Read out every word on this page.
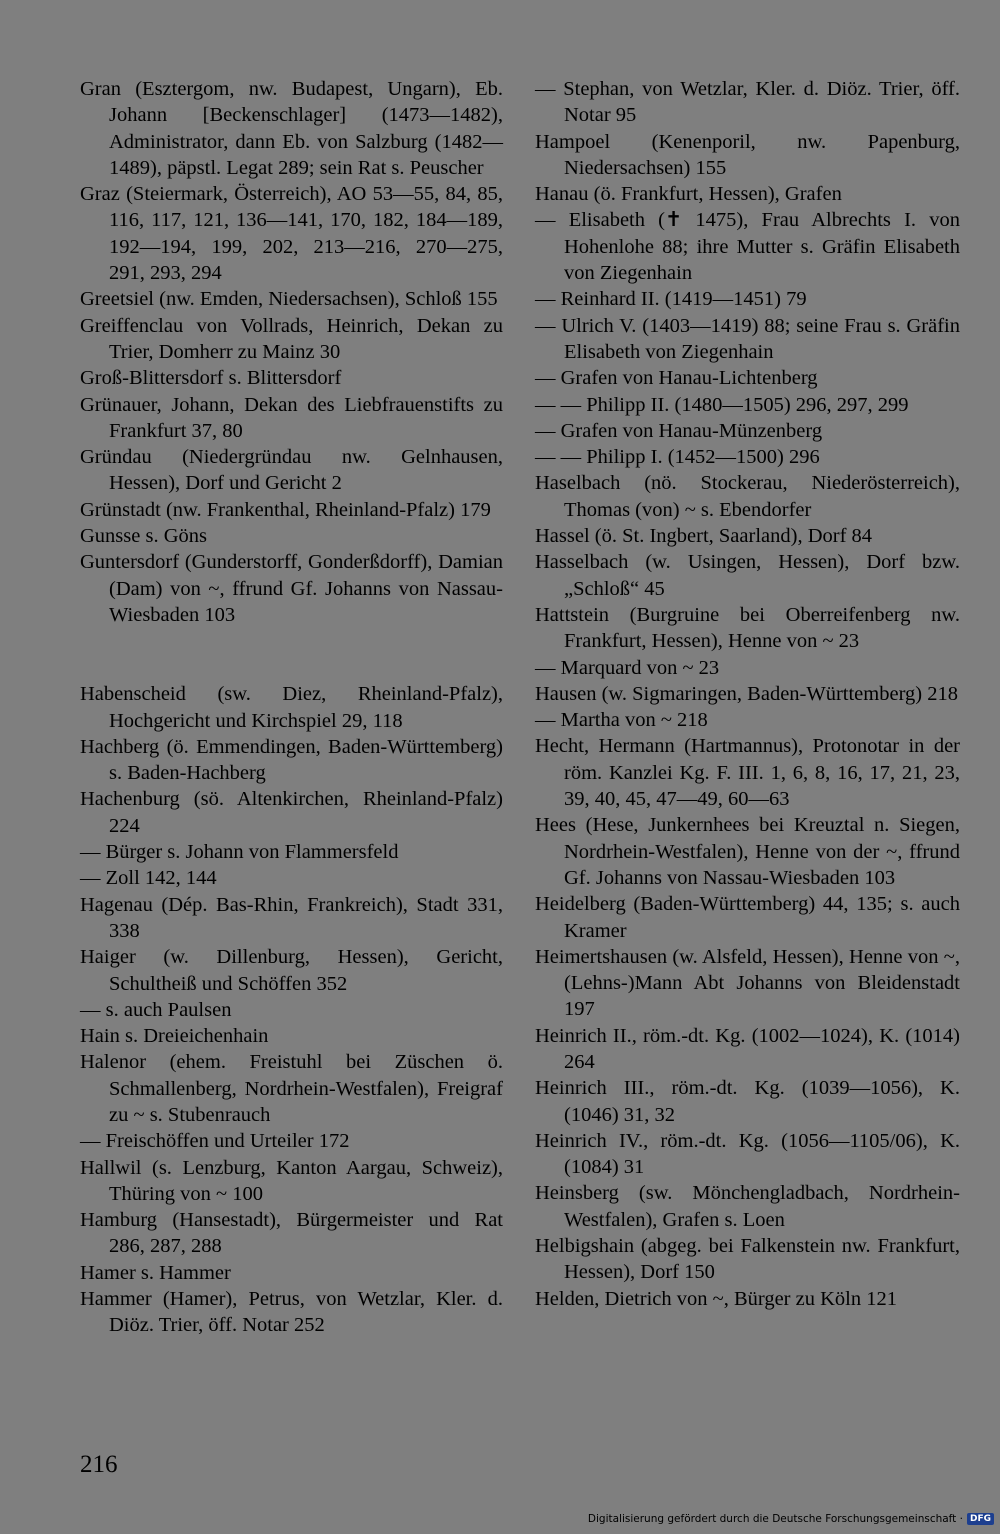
Gran (Esztergom, nw. Budapest, Ungarn), Eb. Johann [Beckenschlager] (1473—1482), Administrator, dann Eb. von Salzburg (1482—1489), päpstl. Legat 289; sein Rat s. Peuscher
Graz (Steiermark, Österreich), AO 53—55, 84, 85, 116, 117, 121, 136—141, 170, 182, 184—189, 192—194, 199, 202, 213—216, 270—275, 291, 293, 294
Greetsiel (nw. Emden, Niedersachsen), Schloß 155
Greiffenclau von Vollrads, Heinrich, Dekan zu Trier, Domherr zu Mainz 30
Groß-Blittersdorf s. Blittersdorf
Grünauer, Johann, Dekan des Liebfrauenstifts zu Frankfurt 37, 80
Gründau (Niedergründau nw. Gelnhausen, Hessen), Dorf und Gericht 2
Grünstadt (nw. Frankenthal, Rheinland-Pfalz) 179
Gunsse s. Göns
Guntersdorf (Gunderstorff, Gonderßdorff), Damian (Dam) von ~, ffrund Gf. Johanns von Nassau-Wiesbaden 103
Habenscheid (sw. Diez, Rheinland-Pfalz), Hochgericht und Kirchspiel 29, 118
Hachberg (ö. Emmendingen, Baden-Württemberg) s. Baden-Hachberg
Hachenburg (sö. Altenkirchen, Rheinland-Pfalz) 224
— Bürger s. Johann von Flammersfeld
— Zoll 142, 144
Hagenau (Dép. Bas-Rhin, Frankreich), Stadt 331, 338
Haiger (w. Dillenburg, Hessen), Gericht, Schultheiß und Schöffen 352
— s. auch Paulsen
Hain s. Dreieichenhain
Halenor (ehem. Freistuhl bei Züschen ö. Schmallenberg, Nordrhein-Westfalen), Freigraf zu ~ s. Stubenrauch
— Freischöffen und Urteiler 172
Hallwil (s. Lenzburg, Kanton Aargau, Schweiz), Thüring von ~ 100
Hamburg (Hansestadt), Bürgermeister und Rat 286, 287, 288
Hamer s. Hammer
Hammer (Hamer), Petrus, von Wetzlar, Kler. d. Diöz. Trier, öff. Notar 252
— Stephan, von Wetzlar, Kler. d. Diöz. Trier, öff. Notar 95
Hampoel (Kenenporil, nw. Papenburg, Niedersachsen) 155
Hanau (ö. Frankfurt, Hessen), Grafen
— Elisabeth (✝ 1475), Frau Albrechts I. von Hohenlohe 88; ihre Mutter s. Gräfin Elisabeth von Ziegenhain
— Reinhard II. (1419—1451) 79
— Ulrich V. (1403—1419) 88; seine Frau s. Gräfin Elisabeth von Ziegenhain
— Grafen von Hanau-Lichtenberg
— — Philipp II. (1480—1505) 296, 297, 299
— Grafen von Hanau-Münzenberg
— — Philipp I. (1452—1500) 296
Haselbach (nö. Stockerau, Niederösterreich), Thomas (von) ~ s. Ebendorfer
Hassel (ö. St. Ingbert, Saarland), Dorf 84
Hasselbach (w. Usingen, Hessen), Dorf bzw. „Schloß“ 45
Hattstein (Burgruine bei Oberreifenberg nw. Frankfurt, Hessen), Henne von ~ 23
— Marquard von ~ 23
Hausen (w. Sigmaringen, Baden-Württemberg) 218
— Martha von ~ 218
Hecht, Hermann (Hartmannus), Protonotar in der röm. Kanzlei Kg. F. III. 1, 6, 8, 16, 17, 21, 23, 39, 40, 45, 47—49, 60—63
Hees (Hese, Junkernhees bei Kreuztal n. Siegen, Nordrhein-Westfalen), Henne von der ~, ffrund Gf. Johanns von Nassau-Wiesbaden 103
Heidelberg (Baden-Württemberg) 44, 135; s. auch Kramer
Heimertshausen (w. Alsfeld, Hessen), Henne von ~, (Lehns-)Mann Abt Johanns von Bleidenstadt 197
Heinrich II., röm.-dt. Kg. (1002—1024), K. (1014) 264
Heinrich III., röm.-dt. Kg. (1039—1056), K. (1046) 31, 32
Heinrich IV., röm.-dt. Kg. (1056—1105/06), K. (1084) 31
Heinsberg (sw. Mönchengladbach, Nordrhein-Westfalen), Grafen s. Loen
Helbigshain (abgeg. bei Falkenstein nw. Frankfurt, Hessen), Dorf 150
Helden, Dietrich von ~, Bürger zu Köln 121
216
Digitalisierung gefördert durch die Deutsche Forschungsgemeinschaft · DFG
